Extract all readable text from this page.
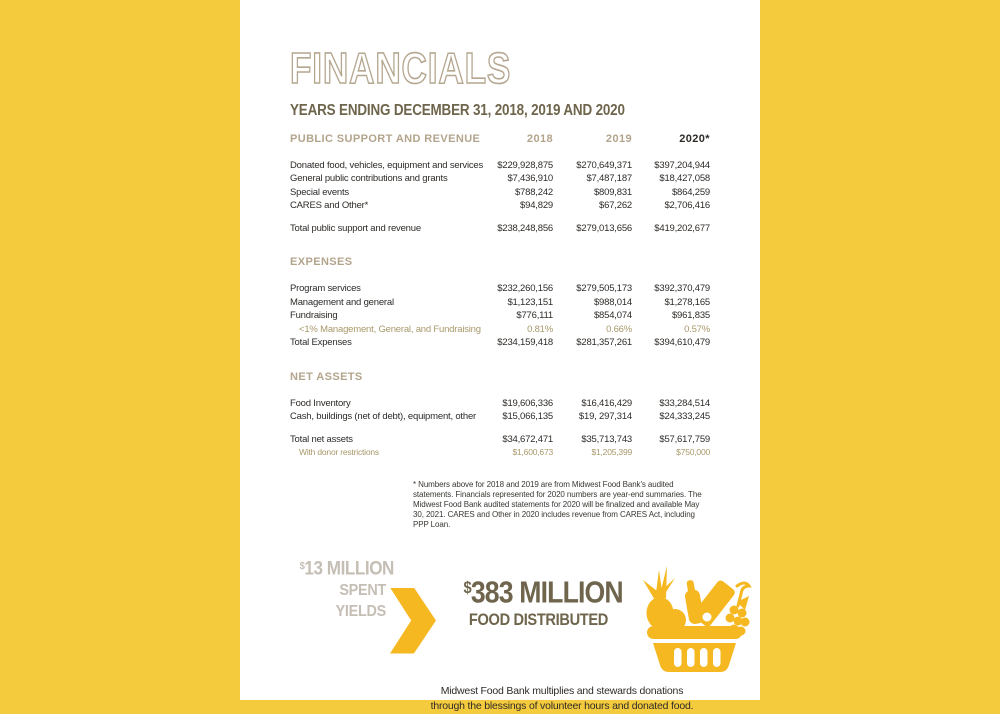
FINANCIALS
YEARS ENDING DECEMBER 31, 2018, 2019 AND 2020
PUBLIC SUPPORT AND REVENUE	2018	2019	2020*
Donated food, vehicles, equipment and services	$229,928,875	$270,649,371	$397,204,944
General public contributions and grants	$7,436,910	$7,487,187	$18,427,058
Special events	$788,242	$809,831	$864,259
CARES and Other*	$94,829	$67,262	$2,706,416
Total public support and revenue	$238,248,856	$279,013,656	$419,202,677
EXPENSES
Program services	$232,260,156	$279,505,173	$392,370,479
Management and general	$1,123,151	$988,014	$1,278,165
Fundraising	$776,111	$854,074	$961,835
<1% Management, General, and Fundraising	0.81%	0.66%	0.57%
Total Expenses	$234,159,418	$281,357,261	$394,610,479
NET ASSETS
Food Inventory	$19,606,336	$16,416,429	$33,284,514
Cash, buildings (net of debt), equipment, other	$15,066,135	$19, 297,314	$24,333,245
Total net assets	$34,672,471	$35,713,743	$57,617,759
With donor restrictions	$1,600,673	$1,205,399	$750,000
* Numbers above for 2018 and 2019 are from Midwest Food Bank's audited statements. Financials represented for 2020 numbers are year-end summaries. The Midwest Food Bank audited statements for 2020 will be finalized and available May 30, 2021. CARES and Other in 2020 includes revenue from CARES Act, including PPP Loan.
$13 MILLION
SPENT
YIELDS
$383 MILLION
FOOD DISTRIBUTED
Midwest Food Bank multiplies and stewards donations
through the blessings of volunteer hours and donated food.
